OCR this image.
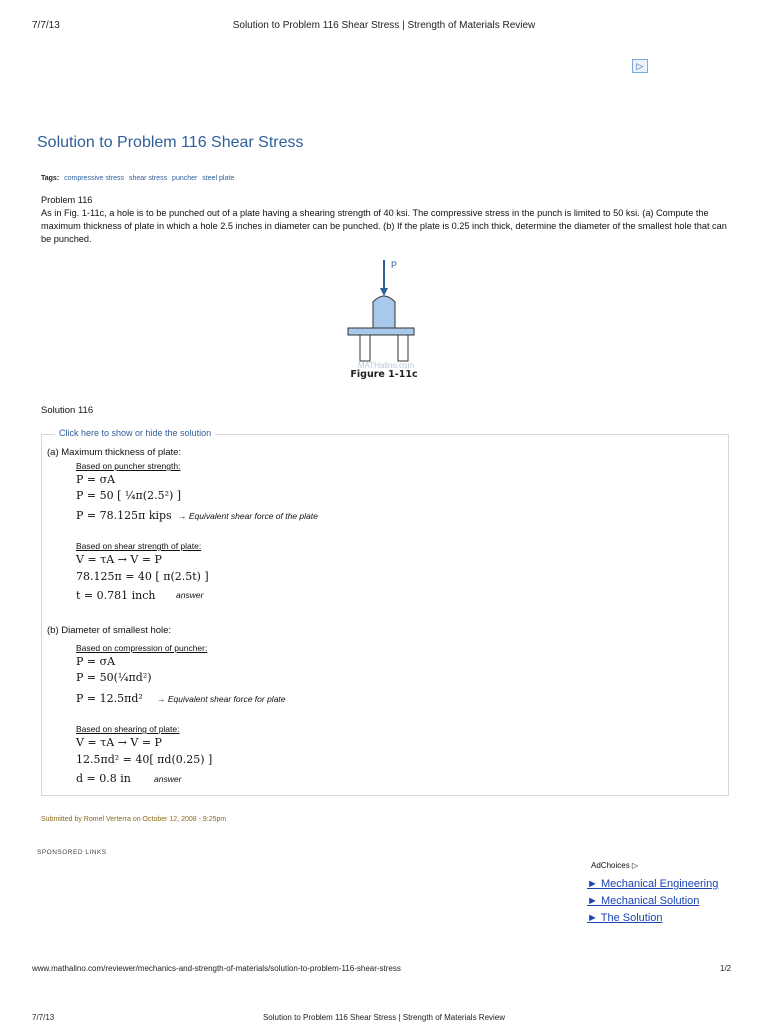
7/7/13	Solution to Problem 116 Shear Stress | Strength of Materials Review
▷
Solution to Problem 116 Shear Stress
Tags: compressive stress shear stress puncher steel plate
Problem 116
As in Fig. 1-11c, a hole is to be punched out of a plate having a shearing strength of 40 ksi. The compressive stress in the punch is limited to 50 ksi. (a) Compute the maximum thickness of plate in which a hole 2.5 inches in diameter can be punched. (b) If the plate is 0.25 inch thick, determine the diameter of the smallest hole that can be punched.
P
MATHalino.com
Figure 1-11c
Solution 116
Click here to show or hide the solution
(a) Maximum thickness of plate:
Based on puncher strength:
P = σA
P = 50 [ ¼π(2.5²) ]
P = 78.125π kips → Equivalent shear force of the plate
Based on shear strength of plate:
V = τA → V = P
78.125π = 40 [ π(2.5t) ]
t = 0.781 inch answer
(b) Diameter of smallest hole:
Based on compression of puncher:
P = σA
P = 50(¼πd²)
P = 12.5πd² → Equivalent shear force for plate
Based on shearing of plate:
V = τA → V = P
12.5πd² = 40[ πd(0.25) ]
d = 0.8 in	answer
Submitted by Romel Verterra on October 12, 2008 - 9:25pm
SPONSORED LINKS
AdChoices ▷
► Mechanical Engineering
► Mechanical Solution
► The Solution
www.mathalino.com/reviewer/mechanics-and-strength-of-materials/solution-to-problem-116-shear-stress	1/2
7/7/13	Solution to Problem 116 Shear Stress | Strength of Materials Review
